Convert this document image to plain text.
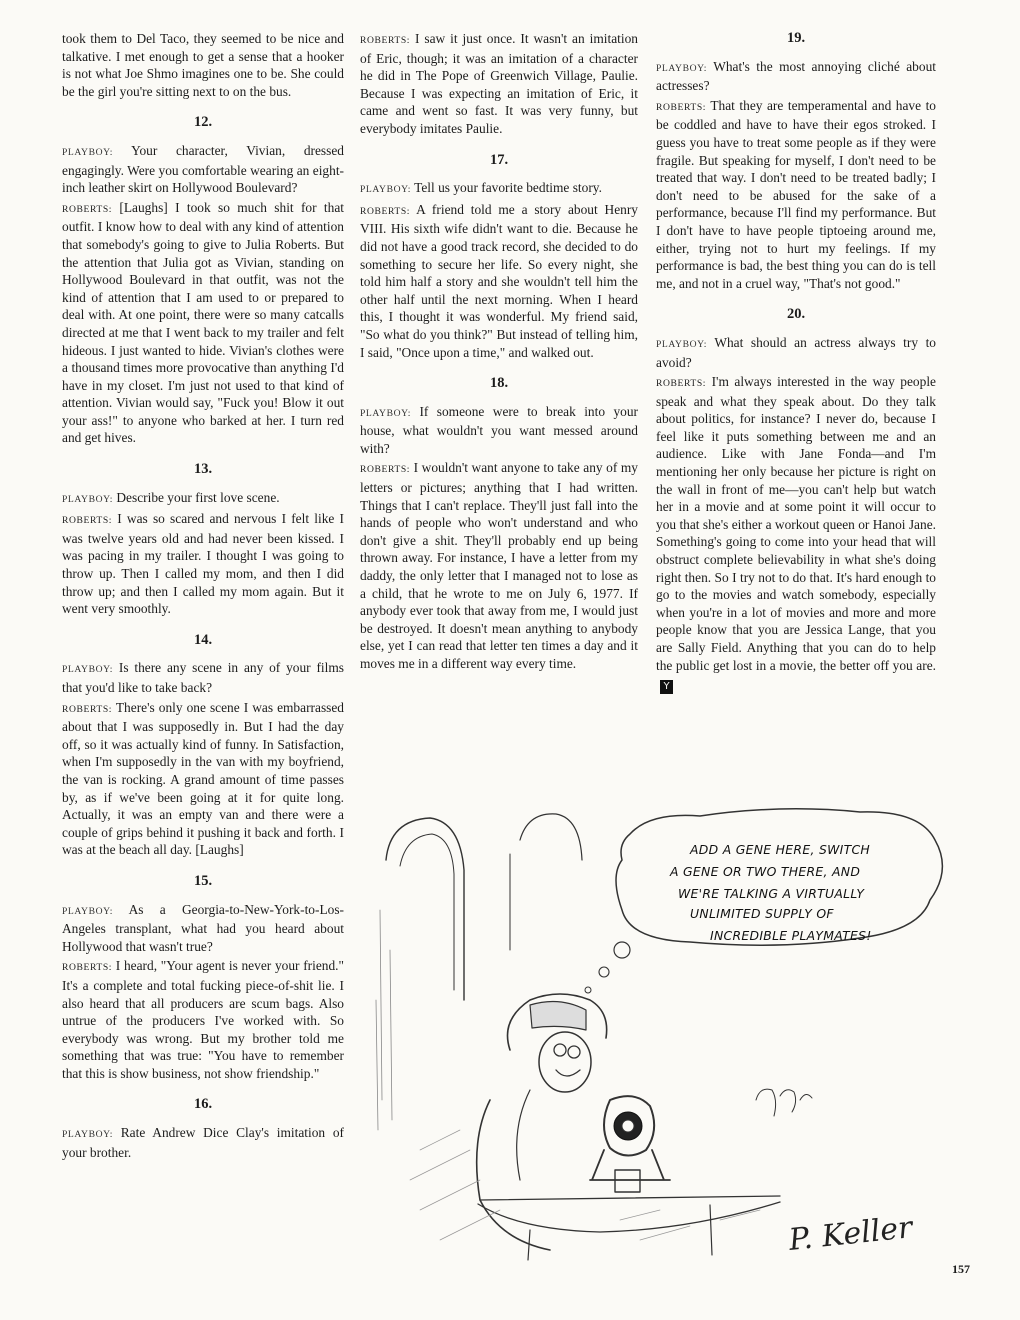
took them to Del Taco, they seemed to be nice and talkative. I met enough to get a sense that a hooker is not what Joe Shmo imagines one to be. She could be the girl you're sitting next to on the bus.

12.

PLAYBOY: Your character, Vivian, dressed engagingly. Were you comfortable wearing an eight-inch leather skirt on Hollywood Boulevard?

ROBERTS: [Laughs] I took so much shit for that outfit. I know how to deal with any kind of attention that somebody's going to give to Julia Roberts. But the attention that Julia got as Vivian, standing on Hollywood Boulevard in that outfit, was not the kind of attention that I am used to or prepared to deal with. At one point, there were so many catcalls directed at me that I went back to my trailer and felt hideous. I just wanted to hide. Vivian's clothes were a thousand times more provocative than anything I'd have in my closet. I'm just not used to that kind of attention. Vivian would say, "Fuck you! Blow it out your ass!" to anyone who barked at her. I turn red and get hives.

13.

PLAYBOY: Describe your first love scene.

ROBERTS: I was so scared and nervous I felt like I was twelve years old and had never been kissed. I was pacing in my trailer. I thought I was going to throw up. Then I called my mom, and then I did throw up; and then I called my mom again. But it went very smoothly.

14.

PLAYBOY: Is there any scene in any of your films that you'd like to take back?

ROBERTS: There's only one scene I was embarrassed about that I was supposedly in. But I had the day off, so it was actually kind of funny. In Satisfaction, when I'm supposedly in the van with my boyfriend, the van is rocking. A grand amount of time passes by, as if we've been going at it for quite long. Actually, it was an empty van and there were a couple of grips behind it pushing it back and forth. I was at the beach all day. [Laughs]

15.

PLAYBOY: As a Georgia-to-New-York-to-Los-Angeles transplant, what had you heard about Hollywood that wasn't true?

ROBERTS: I heard, "Your agent is never your friend." It's a complete and total fucking piece-of-shit lie. I also heard that all producers are scum bags. Also untrue of the producers I've worked with. So everybody was wrong. But my brother told me something that was true: "You have to remember that this is show business, not show friendship."

16.

PLAYBOY: Rate Andrew Dice Clay's imitation of your brother.

ROBERTS: I saw it just once. It wasn't an imitation of Eric, though; it was an imitation of a character he did in The Pope of Greenwich Village, Paulie. Because I was expecting an imitation of Eric, it came and went so fast. It was very funny, but everybody imitates Paulie.

17.

PLAYBOY: Tell us your favorite bedtime story.

ROBERTS: A friend told me a story about Henry VIII. His sixth wife didn't want to die. Because he did not have a good track record, she decided to do something to secure her life. So every night, she told him half a story and she wouldn't tell him the other half until the next morning. When I heard this, I thought it was wonderful. My friend said, "So what do you think?" But instead of telling him, I said, "Once upon a time," and walked out.

18.

PLAYBOY: If someone were to break into your house, what wouldn't you want messed around with?

ROBERTS: I wouldn't want anyone to take any of my letters or pictures; anything that I had written. Things that I can't replace. They'll just fall into the hands of people who won't understand and who don't give a shit. They'll probably end up being thrown away. For instance, I have a letter from my daddy, the only letter that I managed not to lose as a child, that he wrote to me on July 6, 1977. If anybody ever took that away from me, I would just be destroyed. It doesn't mean anything to anybody else, yet I can read that letter ten times a day and it moves me in a different way every time.

19.

PLAYBOY: What's the most annoying cliché about actresses?

ROBERTS: That they are temperamental and have to be coddled and have to have their egos stroked. I guess you have to treat some people as if they were fragile. But speaking for myself, I don't need to be treated that way. I don't need to be treated badly; I don't need to be abused for the sake of a performance, because I'll find my performance. But I don't have to have people tiptoeing around me, either, trying not to hurt my feelings. If my performance is bad, the best thing you can do is tell me, and not in a cruel way, "That's not good."

20.

PLAYBOY: What should an actress always try to avoid?

ROBERTS: I'm always interested in the way people speak and what they speak about. Do they talk about politics, for instance? I never do, because I feel like it puts something between me and an audience. Like with Jane Fonda—and I'm mentioning her only because her picture is right on the wall in front of me—you can't help but watch her in a movie and at some point it will occur to you that she's either a workout queen or Hanoi Jane. Something's going to come into your head that will obstruct complete believability in what she's doing right then. So I try not to do that. It's hard enough to go to the movies and watch somebody, especially when you're in a lot of movies and more and more people know that you are Jessica Lange, that you are Sally Field. Anything that you can do to help the public get lost in a movie, the better off you are.Y

ADD A GENE HERE, SWITCH
A GENE OR TWO THERE, AND
WE'RE TALKING A VIRTUALLY
UNLIMITED SUPPLY OF
INCREDIBLE PLAYMATES!
P. Keller
157
